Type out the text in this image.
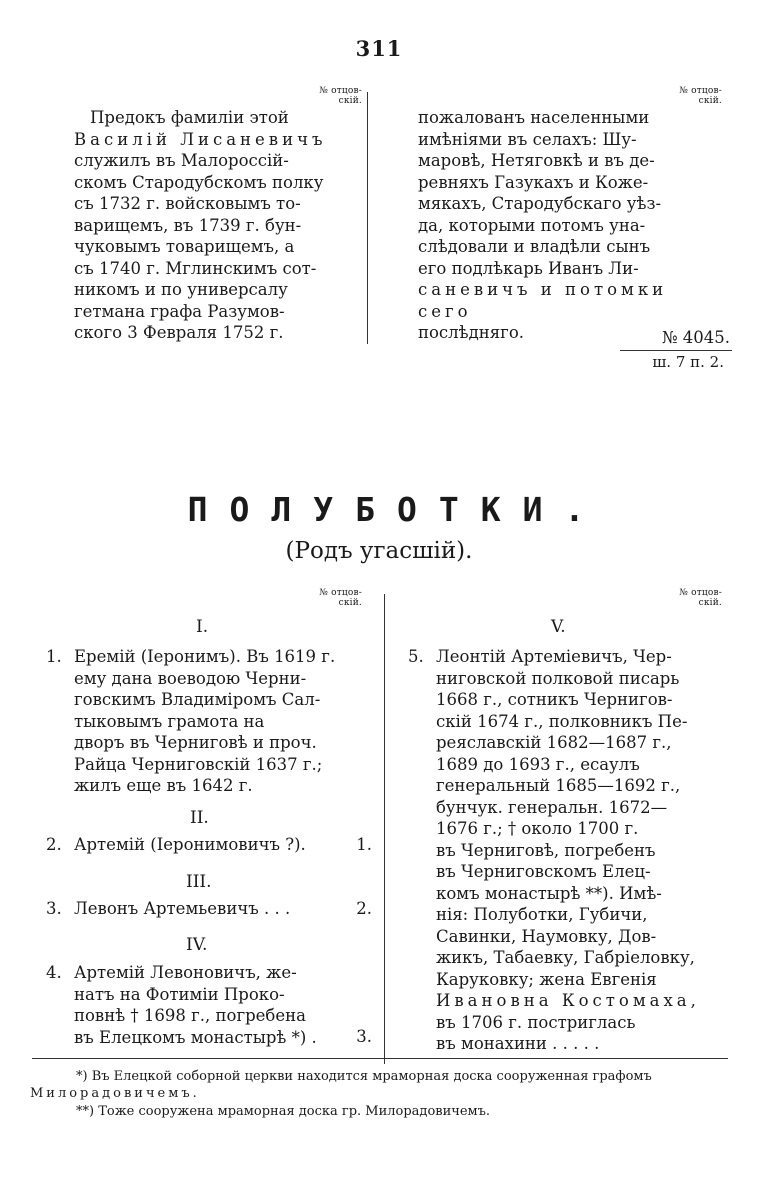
311
№ отцов-
скій.
№ отцов-
скій.
Предокъ фамиліи этой
Василій Лисаневичъ
служилъ въ Малороссій-
скомъ Стародубскомъ полку
съ 1732 г. войсковымъ то-
варищемъ, въ 1739 г. бун-
чуковымъ товарищемъ, а
съ 1740 г. Мглинскимъ сот-
никомъ и по универсалу
гетмана графа Разумов-
ского 3 Февраля 1752 г.
пожалованъ населенными
имѣніями въ селахъ: Шу-
маровѣ, Нетяговкѣ и въ де-
ревняхъ Газукахъ и Коже-
мякахъ, Стародубскаго уѣз-
да, которыми потомъ уна-
слѣдовали и владѣли сынъ
его подлѣкарь Иванъ Ли-
саневичъ и потомки сего
послѣдняго.	№ 4045.
ш. 7 п. 2.
ПОЛУБОТКИ.
(Родъ угасшій).
№ отцов-
скій.
№ отцов-
скій.
I.
1. Еремій (Iеронимъ). Въ 1619 г.
ему дана воеводою Черни-
говскимъ Владиміромъ Сал-
тыковымъ грамота на
дворъ въ Черниговѣ и проч.
Райца Черниговскій 1637 г.;
жилъ еще въ 1642 г.
II.
2. Артемій (Iеронимовичъ ?).	1.
III.
3. Левонъ Артемьевичъ . . .	2.
IV.
4. Артемій Левоновичъ, же-
натъ на Фотиміи Проко-
повнѣ † 1698 г., погребена
въ Елецкомъ монастырѣ *) .	3.
V.
5. Леонтій Артеміевичъ, Чер-
ниговской полковой писарь
1668 г., сотникъ Чернигов-
скій 1674 г., полковникъ Пе-
реяславскій 1682—1687 г.,
1689 до 1693 г., есаулъ
генеральный 1685—1692 г.,
бунчук. генеральн. 1672—
1676 г.; † около 1700 г.
въ Черниговѣ, погребенъ
въ Черниговскомъ Елец-
комъ монастырѣ **). Имѣ-
нія: Полуботки, Губичи,
Савинки, Наумовку, Дов-
жикъ, Табаевку, Габріеловку,
Каруковку; жена Евгенія
Ивановна Костомаха,
въ 1706 г. постриглась
въ монахини . . . . .
*) Въ Елецкой соборной церкви находится мраморная доска сооруженная графомъ
Милорадовичемъ.
**) Тоже сооружена мраморная доска гр. Милорадовичемъ.
